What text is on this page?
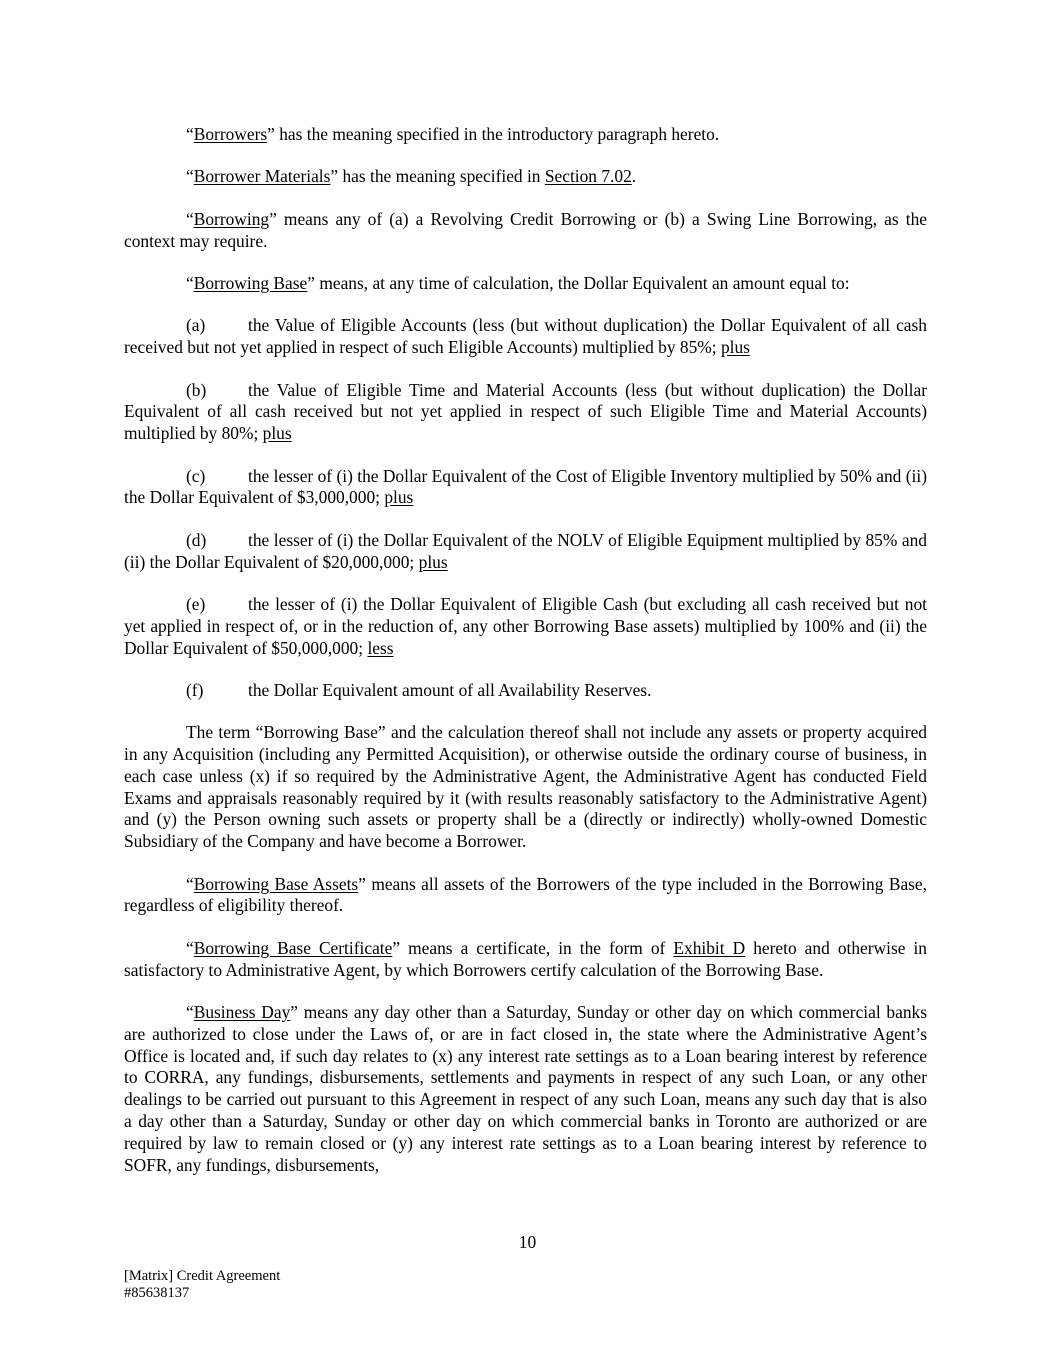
“Borrowers” has the meaning specified in the introductory paragraph hereto.

“Borrower Materials” has the meaning specified in Section 7.02.

“Borrowing” means any of (a) a Revolving Credit Borrowing or (b) a Swing Line Borrowing, as the context may require.

“Borrowing Base” means, at any time of calculation, the Dollar Equivalent an amount equal to:

(a) the Value of Eligible Accounts (less (but without duplication) the Dollar Equivalent of all cash received but not yet applied in respect of such Eligible Accounts) multiplied by 85%; plus

(b) the Value of Eligible Time and Material Accounts (less (but without duplication) the Dollar Equivalent of all cash received but not yet applied in respect of such Eligible Time and Material Accounts) multiplied by 80%; plus

(c) the lesser of (i) the Dollar Equivalent of the Cost of Eligible Inventory multiplied by 50% and (ii) the Dollar Equivalent of $3,000,000; plus

(d) the lesser of (i) the Dollar Equivalent of the NOLV of Eligible Equipment multiplied by 85% and (ii) the Dollar Equivalent of $20,000,000; plus

(e) the lesser of (i) the Dollar Equivalent of Eligible Cash (but excluding all cash received but not yet applied in respect of, or in the reduction of, any other Borrowing Base assets) multiplied by 100% and (ii) the Dollar Equivalent of $50,000,000; less

(f)	the Dollar Equivalent amount of all Availability Reserves.

The term “Borrowing Base” and the calculation thereof shall not include any assets or property acquired in any Acquisition (including any Permitted Acquisition), or otherwise outside the ordinary course of business, in each case unless (x) if so required by the Administrative Agent, the Administrative Agent has conducted Field Exams and appraisals reasonably required by it (with results reasonably satisfactory to the Administrative Agent) and (y) the Person owning such assets or property shall be a (directly or indirectly) wholly-owned Domestic Subsidiary of the Company and have become a Borrower.

“Borrowing Base Assets” means all assets of the Borrowers of the type included in the Borrowing Base, regardless of eligibility thereof.

“Borrowing Base Certificate” means a certificate, in the form of Exhibit D hereto and otherwise in satisfactory to Administrative Agent, by which Borrowers certify calculation of the Borrowing Base.

“Business Day” means any day other than a Saturday, Sunday or other day on which commercial banks are authorized to close under the Laws of, or are in fact closed in, the state where the Administrative Agent’s Office is located and, if such day relates to (x) any interest rate settings as to a Loan bearing interest by reference to CORRA, any fundings, disbursements, settlements and payments in respect of any such Loan, or any other dealings to be carried out pursuant to this Agreement in respect of any such Loan, means any such day that is also a day other than a Saturday, Sunday or other day on which commercial banks in Toronto are authorized or are required by law to remain closed or (y) any interest rate settings as to a Loan bearing interest by reference to SOFR, any fundings, disbursements,

10
[Matrix] Credit Agreement
#85638137
